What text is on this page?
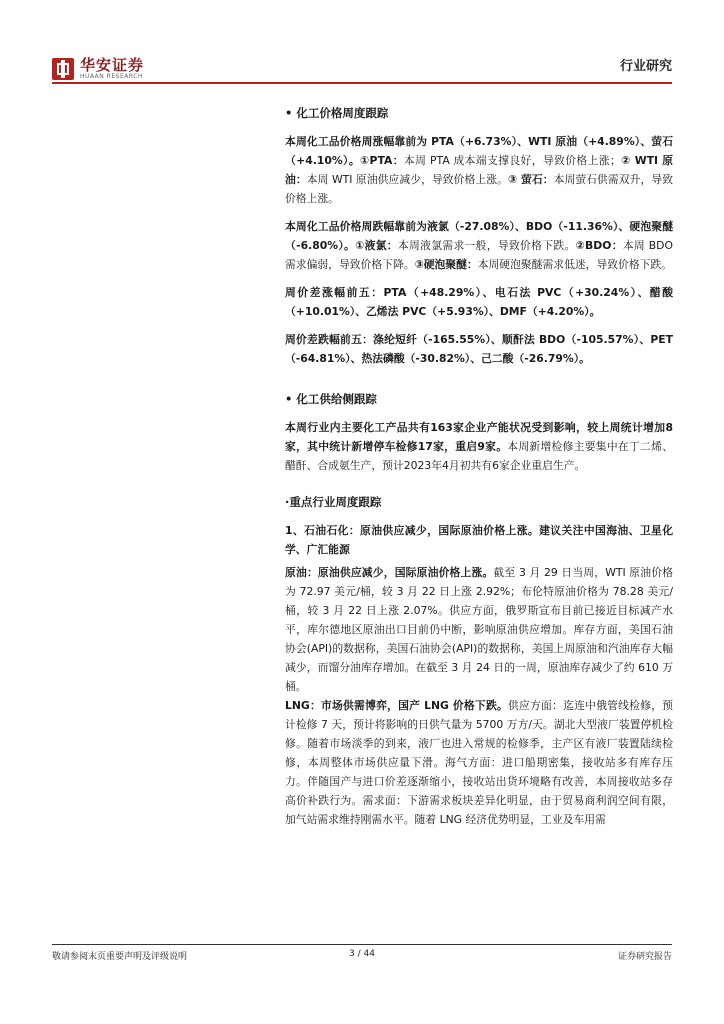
华安证券
HUAAN RESEARCH
行业研究

• 化工价格周度跟踪

本周化工品价格周涨幅靠前为 PTA（+6.73%）、WTI 原油（+4.89%）、萤石（+4.10%）。①PTA：本周 PTA 成本端支撑良好，导致价格上涨；② WTI 原油：本周 WTI 原油供应减少，导致价格上涨。③ 萤石：本周萤石供需双升，导致价格上涨。

本周化工品价格周跌幅靠前为液氯（-27.08%）、BDO（-11.36%）、硬泡聚醚（-6.80%）。①液氯：本周液氯需求一般，导致价格下跌。②BDO：本周 BDO 需求偏弱，导致价格下降。③硬泡聚醚：本周硬泡聚醚需求低迷，导致价格下跌。

周价差涨幅前五：PTA（+48.29%）、电石法 PVC（+30.24%）、醋酸（+10.01%）、乙烯法 PVC（+5.93%）、DMF（+4.20%）。

周价差跌幅前五：涤纶短纤（-165.55%）、顺酐法 BDO（-105.57%）、PET（-64.81%）、热法磷酸（-30.82%）、己二酸（-26.79%）。

• 化工供给侧跟踪

本周行业内主要化工产品共有163家企业产能状况受到影响，较上周统计增加8家，其中统计新增停车检修17家，重启9家。本周新增检修主要集中在丁二烯、醋酐、合成氨生产，预计2023年4月初共有6家企业重启生产。

·重点行业周度跟踪

1、石油石化：原油供应减少，国际原油价格上涨。建议关注中国海油、卫星化学、广汇能源

原油：原油供应减少，国际原油价格上涨。截至 3 月 29 日当周，WTI 原油价格为 72.97 美元/桶，较 3 月 22 日上涨 2.92%；布伦特原油价格为 78.28 美元/桶，较 3 月 22 日上涨 2.07%。供应方面，俄罗斯宣布目前已接近目标减产水平，库尔德地区原油出口目前仍中断，影响原油供应增加。库存方面，美国石油协会(API)的数据称，美国石油协会(API)的数据称，美国上周原油和汽油库存大幅减少，而馏分油库存增加。在截至 3 月 24 日的一周，原油库存减少了约 610 万桶。

LNG：市场供需博弈，国产 LNG 价格下跌。供应方面：迄连中俄管线检修，预计检修 7 天，预计将影响的日供气量为 5700 万方/天。湖北大型液厂装置停机检修。随着市场淡季的到来，液厂也进入常规的检修季，主产区有液厂装置陆续检修，本周整体市场供应量下滑。海气方面：进口船期密集，接收站多有库存压力。伴随国产与进口价差逐渐缩小，接收站出货环境略有改善，本周接收站多存高价补跌行为。需求面：下游需求板块差异化明显，由于贸易商利润空间有限，加气站需求维持刚需水平。随着 LNG 经济优势明显，工业及车用需

敬请参阅末页重要声明及评级说明	3 / 44	证券研究报告
